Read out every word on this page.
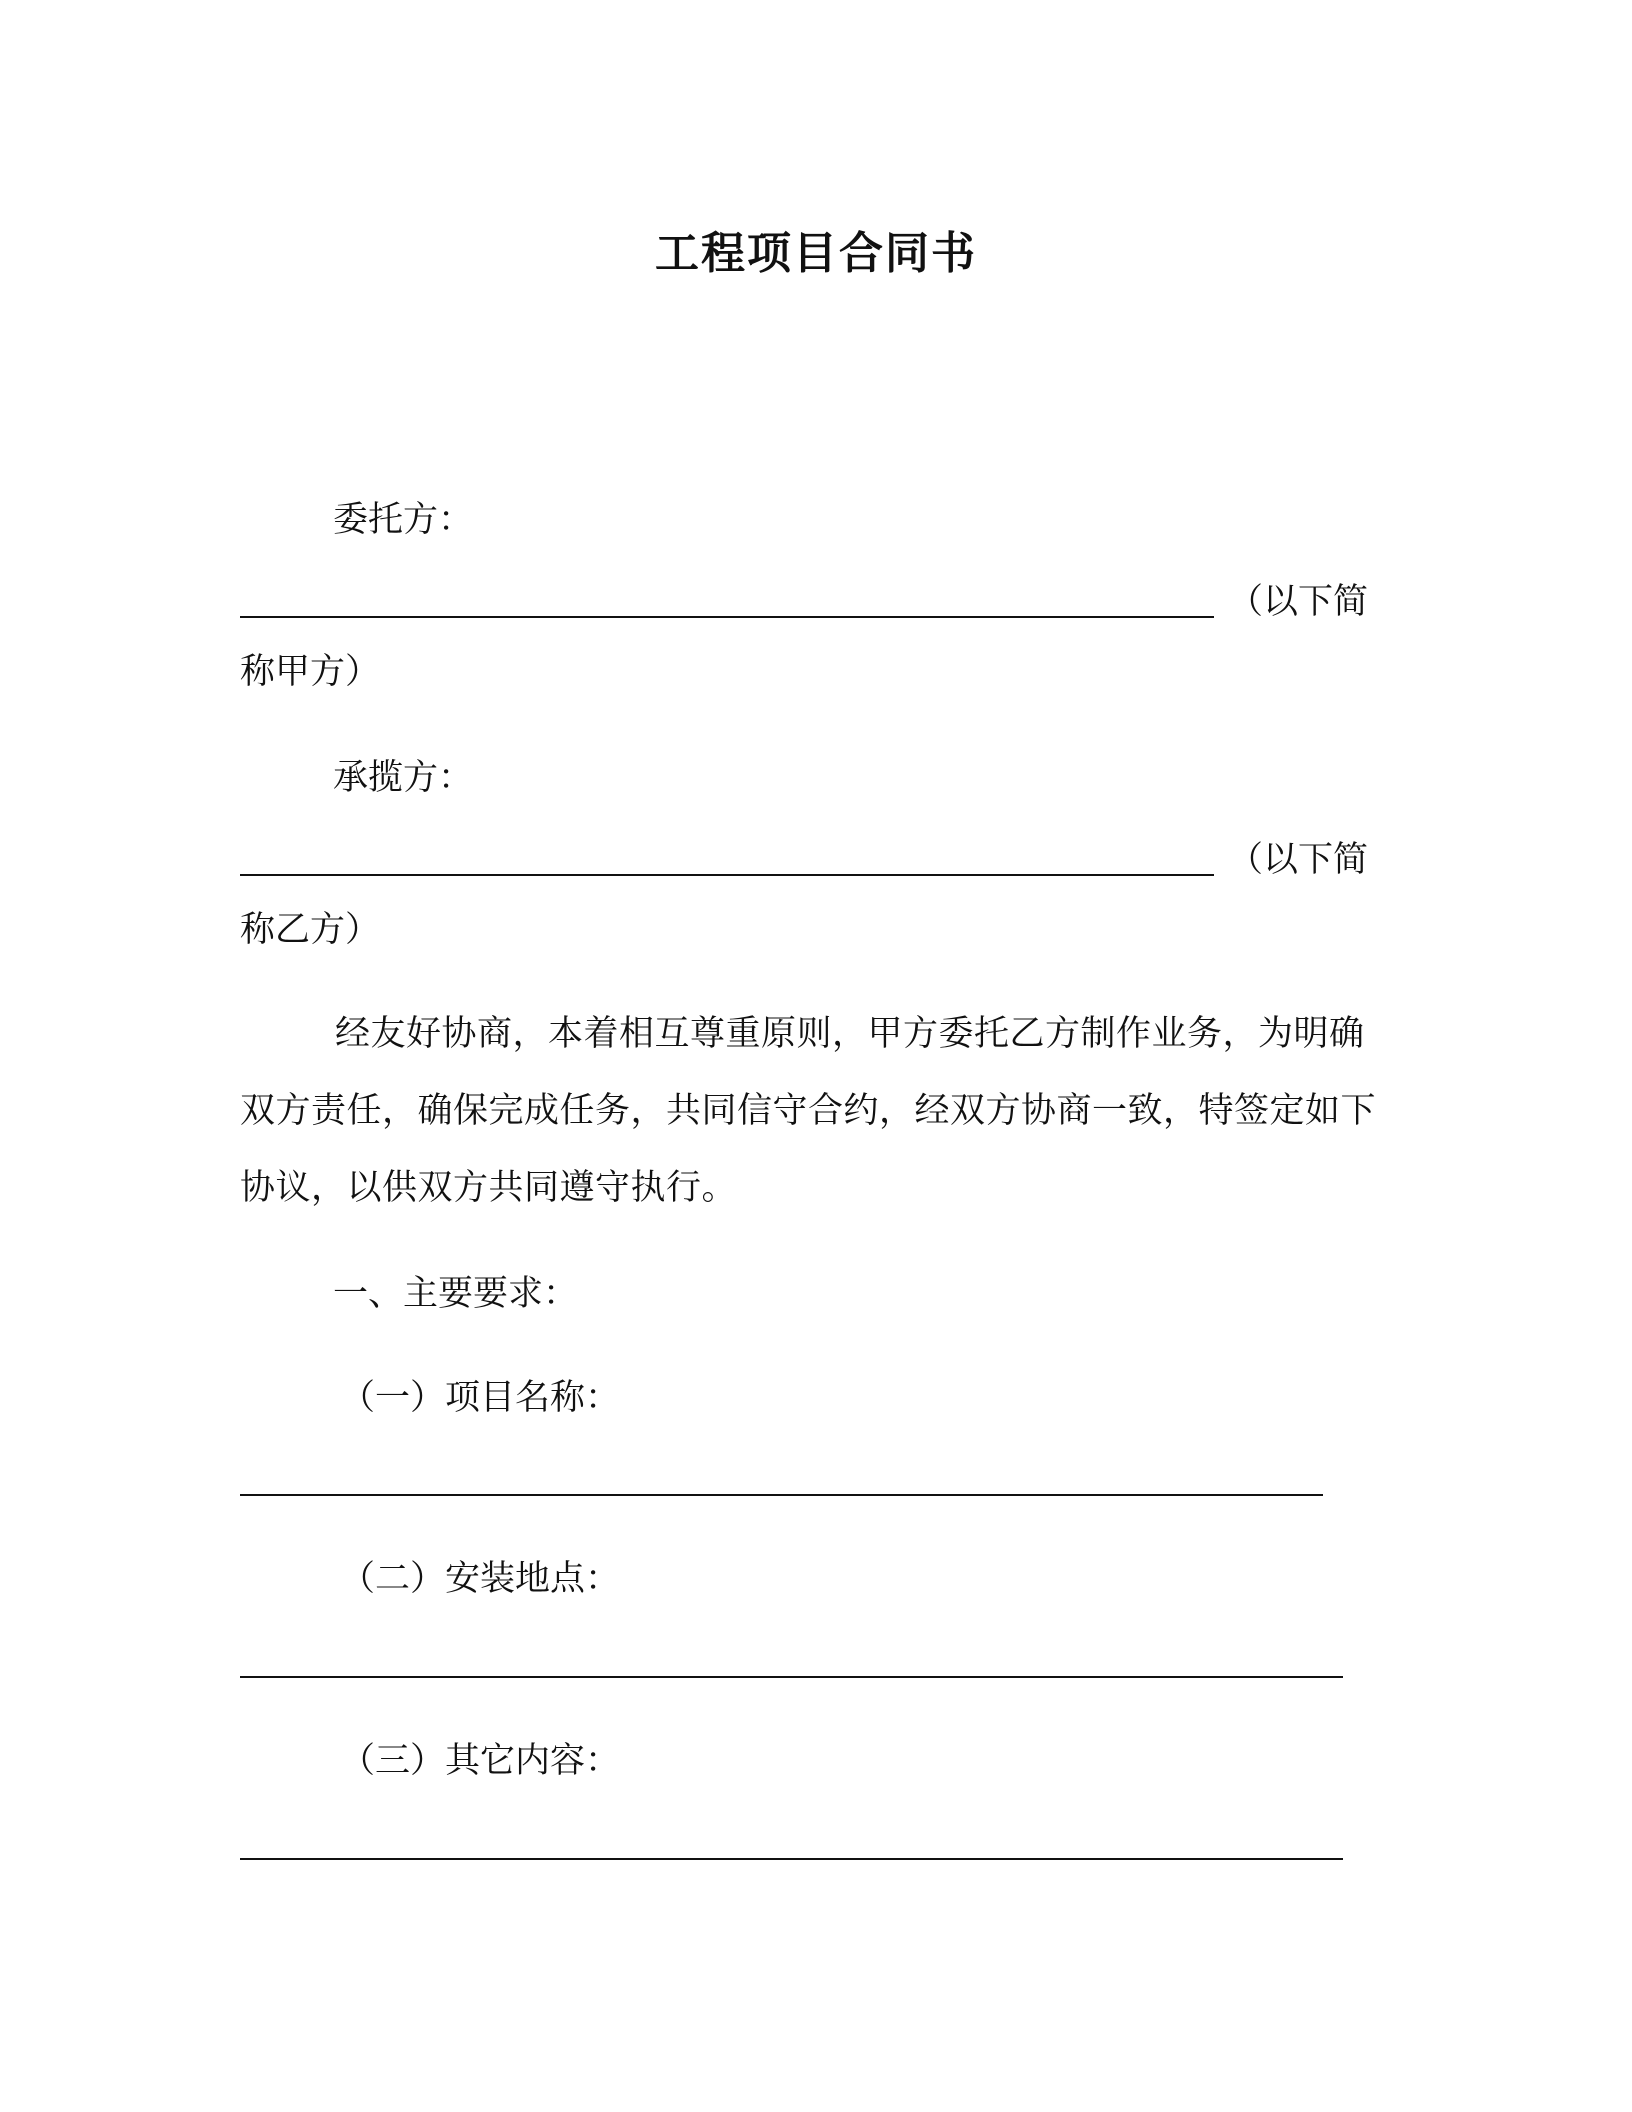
工程项目合同书
委托方：
（以下简
称甲方）
承揽方：
（以下简
称乙方）
经友好协商，本着相互尊重原则，甲方委托乙方制作业务，为明确双方责任，确保完成任务，共同信守合约，经双方协商一致，特签定如下协议，以供双方共同遵守执行。
一、主要要求：
（一）项目名称：
（二）安装地点：
（三）其它内容：
